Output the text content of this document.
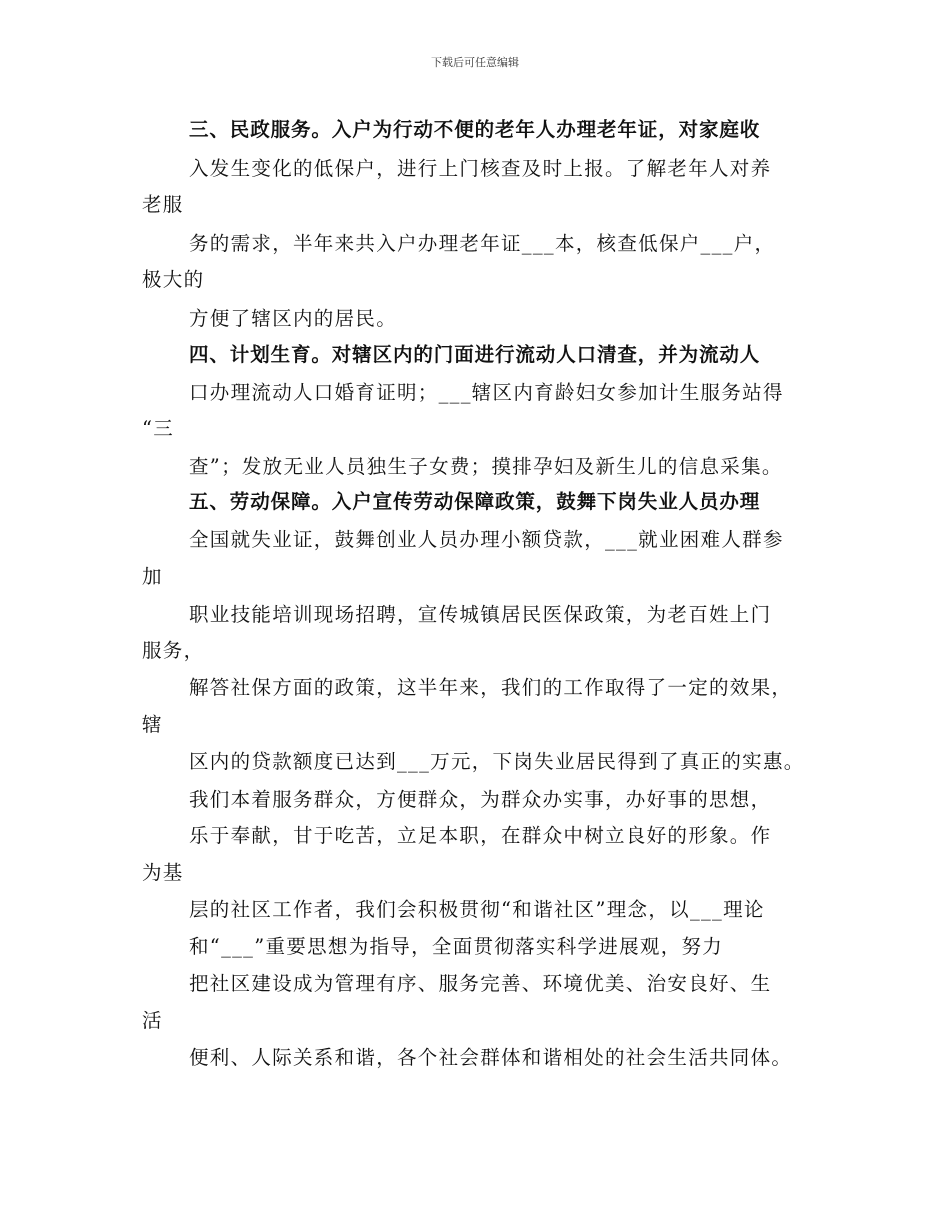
下载后可任意编辑
三、民政服务。入户为行动不便的老年人办理老年证，对家庭收
入发生变化的低保户，进行上门核查及时上报。了解老年人对养
老服
务的需求，半年来共入户办理老年证___本，核查低保户___户，
极大的
方便了辖区内的居民。
四、计划生育。对辖区内的门面进行流动人口清查，并为流动人
口办理流动人口婚育证明；___辖区内育龄妇女参加计生服务站得
“三
查”；发放无业人员独生子女费；摸排孕妇及新生儿的信息采集。
五、劳动保障。入户宣传劳动保障政策，鼓舞下岗失业人员办理
全国就失业证，鼓舞创业人员办理小额贷款，___就业困难人群参
加
职业技能培训现场招聘，宣传城镇居民医保政策，为老百姓上门
服务，
解答社保方面的政策，这半年来，我们的工作取得了一定的效果，
辖
区内的贷款额度已达到___万元，下岗失业居民得到了真正的实惠。
我们本着服务群众，方便群众，为群众办实事，办好事的思想，
乐于奉献，甘于吃苦，立足本职，在群众中树立良好的形象。作
为基
层的社区工作者，我们会积极贯彻“和谐社区”理念，以___理论
和“___”重要思想为指导，全面贯彻落实科学进展观，努力
把社区建设成为管理有序、服务完善、环境优美、治安良好、生
活
便利、人际关系和谐，各个社会群体和谐相处的社会生活共同体。
